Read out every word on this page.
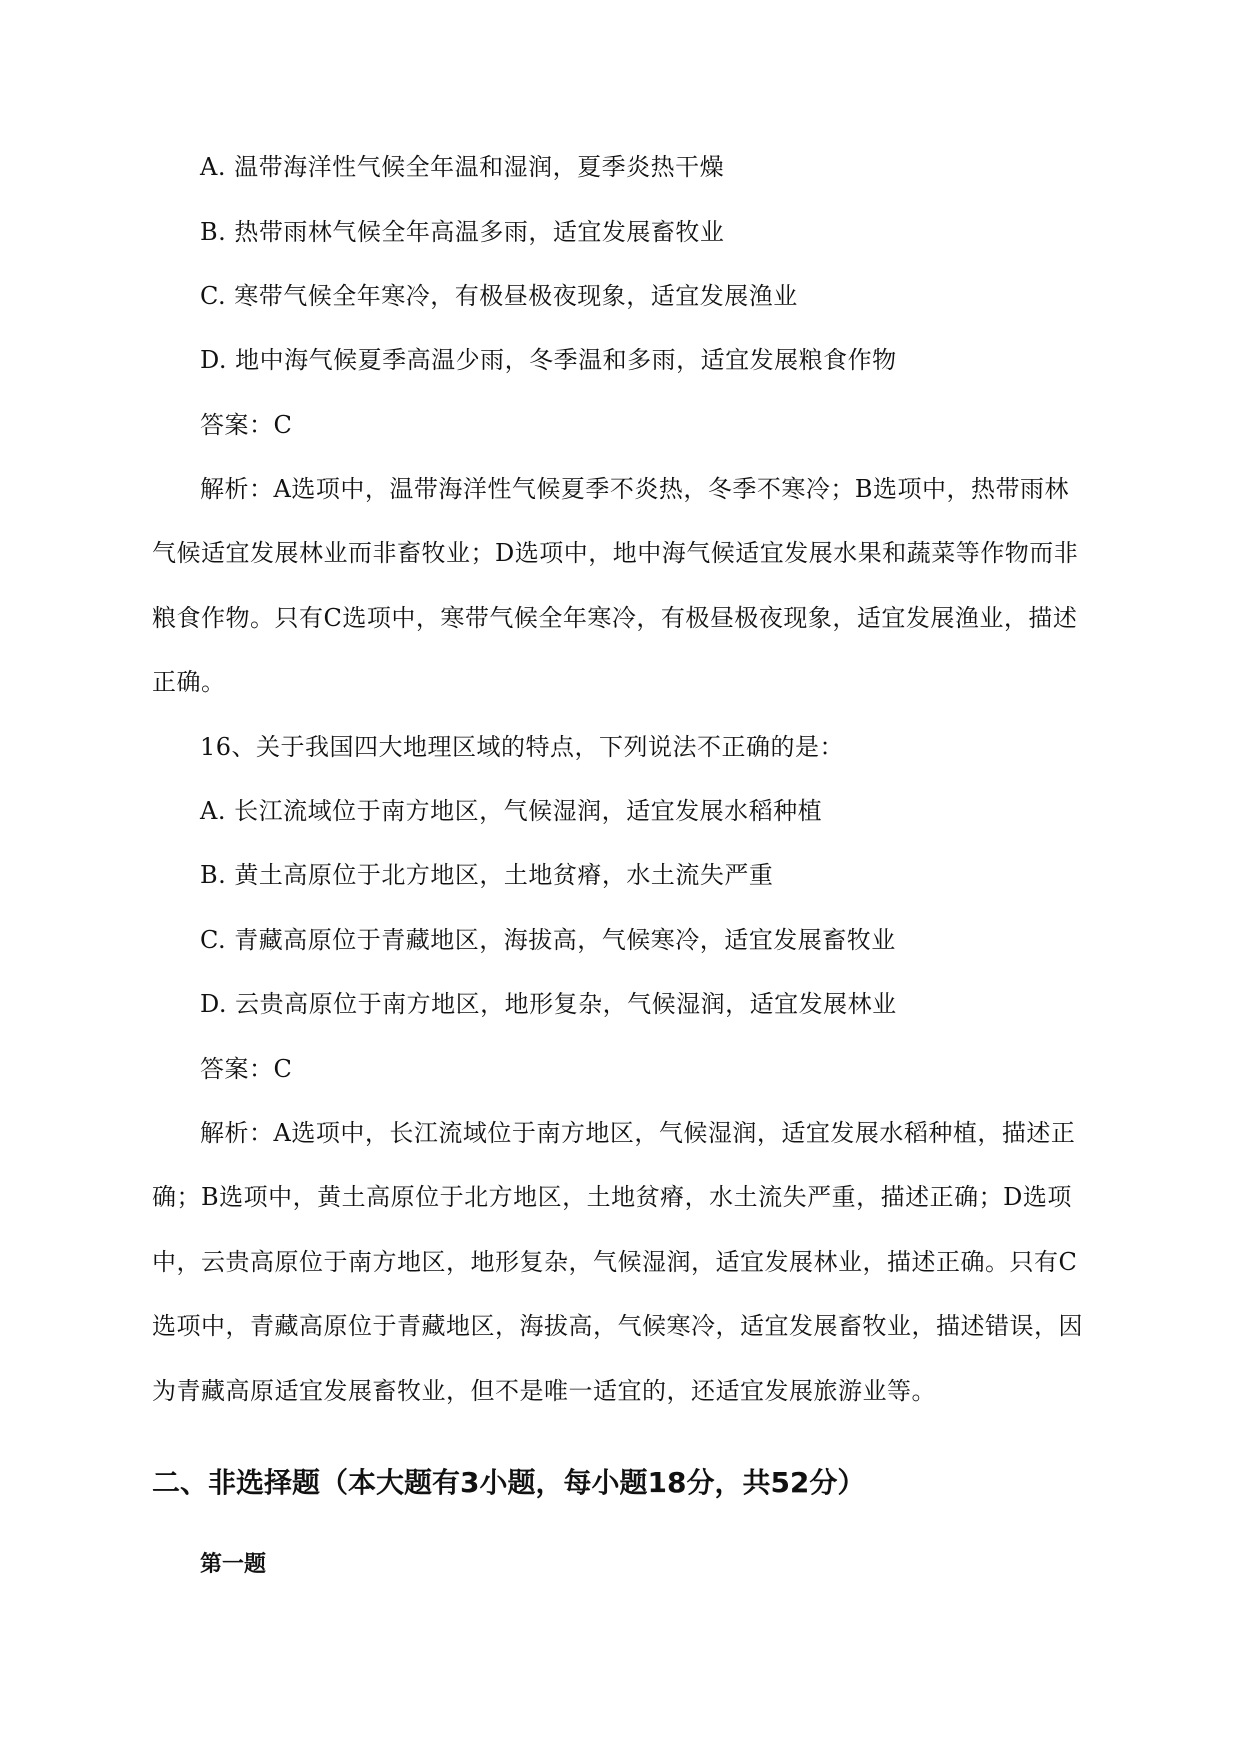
A. 温带海洋性气候全年温和湿润，夏季炎热干燥
B. 热带雨林气候全年高温多雨，适宜发展畜牧业
C. 寒带气候全年寒冷，有极昼极夜现象，适宜发展渔业
D. 地中海气候夏季高温少雨，冬季温和多雨，适宜发展粮食作物
答案：C
解析：A选项中，温带海洋性气候夏季不炎热，冬季不寒冷；B选项中，热带雨林
气候适宜发展林业而非畜牧业；D选项中，地中海气候适宜发展水果和蔬菜等作物而非
粮食作物。只有C选项中，寒带气候全年寒冷，有极昼极夜现象，适宜发展渔业，描述
正确。
16、关于我国四大地理区域的特点，下列说法不正确的是：
A. 长江流域位于南方地区，气候湿润，适宜发展水稻种植
B. 黄土高原位于北方地区，土地贫瘠，水土流失严重
C. 青藏高原位于青藏地区，海拔高，气候寒冷，适宜发展畜牧业
D. 云贵高原位于南方地区，地形复杂，气候湿润，适宜发展林业
答案：C
解析：A选项中，长江流域位于南方地区，气候湿润，适宜发展水稻种植，描述正
确；B选项中，黄土高原位于北方地区，土地贫瘠，水土流失严重，描述正确；D选项
中，云贵高原位于南方地区，地形复杂，气候湿润，适宜发展林业，描述正确。只有C
选项中，青藏高原位于青藏地区，海拔高，气候寒冷，适宜发展畜牧业，描述错误，因
为青藏高原适宜发展畜牧业，但不是唯一适宜的，还适宜发展旅游业等。
二、非选择题（本大题有3小题，每小题18分，共52分）
第一题
